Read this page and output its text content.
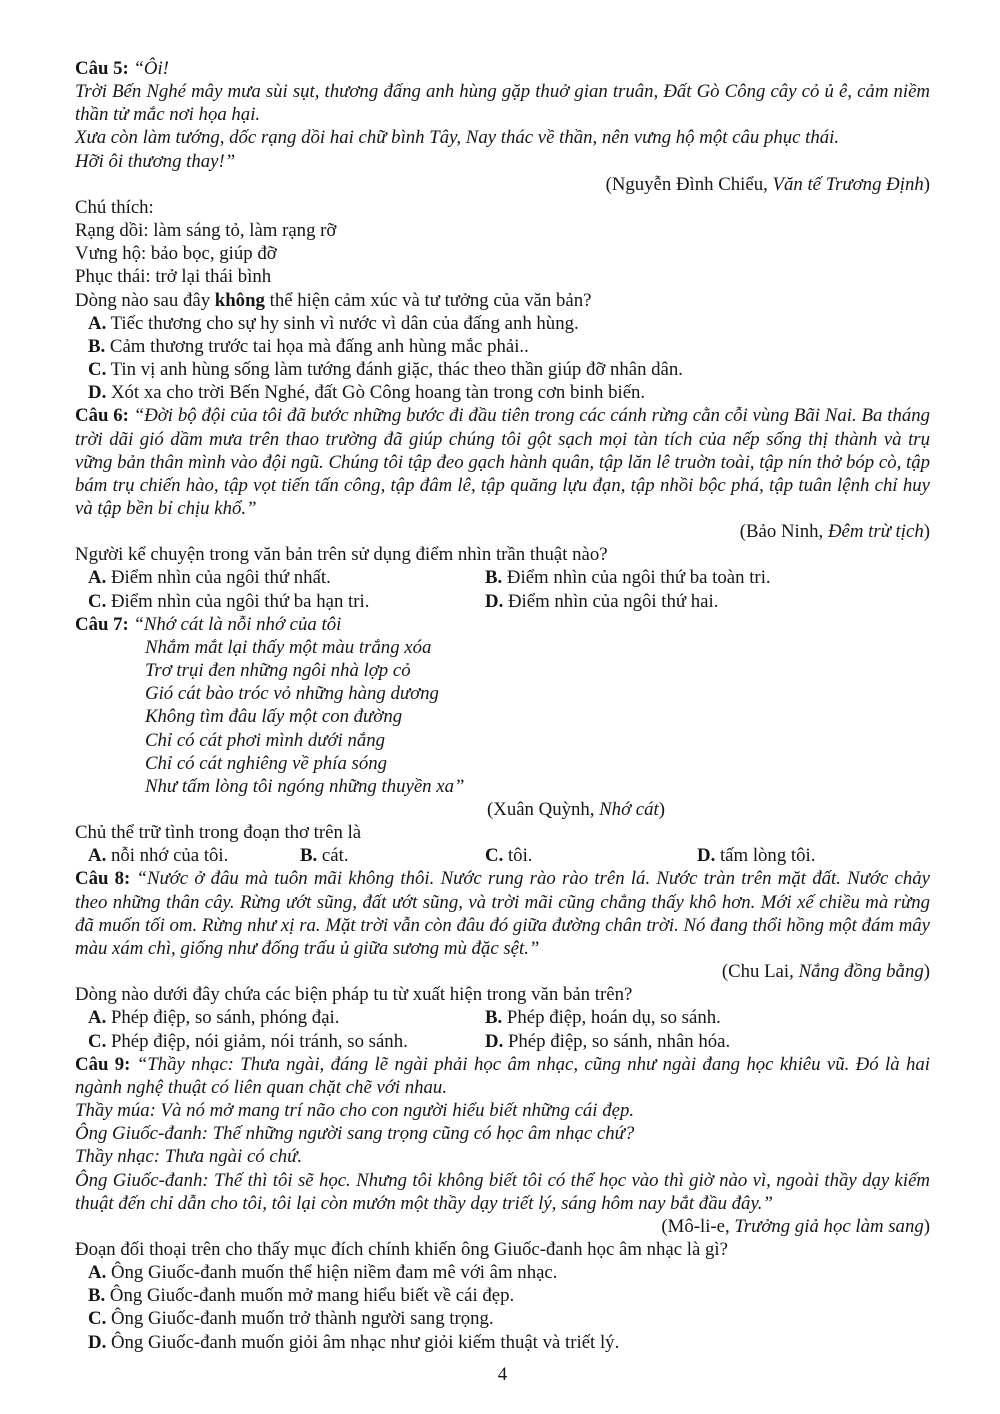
Câu 5: “Ôi!

Trời Bến Nghé mây mưa sùi sụt, thương đấng anh hùng gặp thuở gian truân, Đất Gò Công cây cỏ ủ ê, cảm niềm thần tử mắc nơi họa hại.

Xưa còn làm tướng, dốc rạng dồi hai chữ bình Tây, Nay thác về thần, nên vưng hộ một câu phục thái.

Hỡi ôi thương thay!”

(Nguyễn Đình Chiểu, Văn tế Trương Định)

Chú thích:

Rạng dồi: làm sáng tỏ, làm rạng rỡ

Vưng hộ: bảo bọc, giúp đỡ

Phục thái: trở lại thái bình

Dòng nào sau đây không thể hiện cảm xúc và tư tưởng của văn bản?

A. Tiếc thương cho sự hy sinh vì nước vì dân của đấng anh hùng.

B. Cảm thương trước tai họa mà đấng anh hùng mắc phải..

C. Tin vị anh hùng sống làm tướng đánh giặc, thác theo thần giúp đỡ nhân dân.

D. Xót xa cho trời Bến Nghé, đất Gò Công hoang tàn trong cơn binh biến.

Câu 6: “Đời bộ đội của tôi đã bước những bước đi đầu tiên trong các cánh rừng cằn cỗi vùng Bãi Nai. Ba tháng trời dãi gió dầm mưa trên thao trường đã giúp chúng tôi gột sạch mọi tàn tích của nếp sống thị thành và trụ vững bản thân mình vào đội ngũ. Chúng tôi tập đeo gạch hành quân, tập lăn lê truờn toài, tập nín thở bóp cò, tập bám trụ chiến hào, tập vọt tiến tấn công, tập đâm lê, tập quăng lựu đạn, tập nhồi bộc phá, tập tuân lệnh chỉ huy và tập bền bỉ chịu khổ.”

(Bảo Ninh, Đêm trừ tịch)

Người kể chuyện trong văn bản trên sử dụng điểm nhìn trần thuật nào?

A. Điểm nhìn của ngôi thứ nhất.	B. Điểm nhìn của ngôi thứ ba toàn tri.

C. Điểm nhìn của ngôi thứ ba hạn tri.	D. Điểm nhìn của ngôi thứ hai.

Câu 7: “Nhớ cát là nỗi nhớ của tôi

Nhắm mắt lại thấy một màu trắng xóa

Trơ trụi đen những ngôi nhà lợp cỏ

Gió cát bào tróc vỏ những hàng dương

Không tìm đâu lấy một con đường

Chỉ có cát phơi mình dưới nắng

Chỉ có cát nghiêng về phía sóng

Như tấm lòng tôi ngóng những thuyền xa”

(Xuân Quỳnh, Nhớ cát)

Chủ thể trữ tình trong đoạn thơ trên là

A. nỗi nhớ của tôi.	B. cát.	C. tôi.	D. tấm lòng tôi.

Câu 8: “Nước ở đâu mà tuôn mãi không thôi. Nước rung rào rào trên lá. Nước tràn trên mặt đất. Nước chảy theo những thân cây. Rừng ướt sũng, đất ướt sũng, và trời mãi cũng chẳng thấy khô hơn. Mới xế chiều mà rừng đã muốn tối om. Rừng như xị ra. Mặt trời vẫn còn đâu đó giữa đường chân trời. Nó đang thổi hồng một đám mây màu xám chì, giống như đống trấu ủ giữa sương mù đặc sệt.”

(Chu Lai, Nắng đồng bằng)

Dòng nào dưới đây chứa các biện pháp tu từ xuất hiện trong văn bản trên?

A. Phép điệp, so sánh, phóng đại.	B. Phép điệp, hoán dụ, so sánh.

C. Phép điệp, nói giảm, nói tránh, so sánh.	D. Phép điệp, so sánh, nhân hóa.

Câu 9: “Thầy nhạc: Thưa ngài, đáng lẽ ngài phải học âm nhạc, cũng như ngài đang học khiêu vũ. Đó là hai ngành nghệ thuật có liên quan chặt chẽ với nhau.

Thầy múa: Và nó mở mang trí não cho con người hiểu biết những cái đẹp.

Ông Giuốc-đanh: Thế những người sang trọng cũng có học âm nhạc chứ?

Thầy nhạc: Thưa ngài có chứ.

Ông Giuốc-đanh: Thế thì tôi sẽ học. Nhưng tôi không biết tôi có thể học vào thì giờ nào vì, ngoài thầy dạy kiếm thuật đến chỉ dẫn cho tôi, tôi lại còn mướn một thầy dạy triết lý, sáng hôm nay bắt đầu đây.”

(Mô-li-e, Trưởng giả học làm sang)

Đoạn đối thoại trên cho thấy mục đích chính khiến ông Giuốc-đanh học âm nhạc là gì?

A. Ông Giuốc-đanh muốn thể hiện niềm đam mê với âm nhạc.

B. Ông Giuốc-đanh muốn mở mang hiểu biết về cái đẹp.

C. Ông Giuốc-đanh muốn trở thành người sang trọng.

D. Ông Giuốc-đanh muốn giỏi âm nhạc như giỏi kiếm thuật và triết lý.

4
